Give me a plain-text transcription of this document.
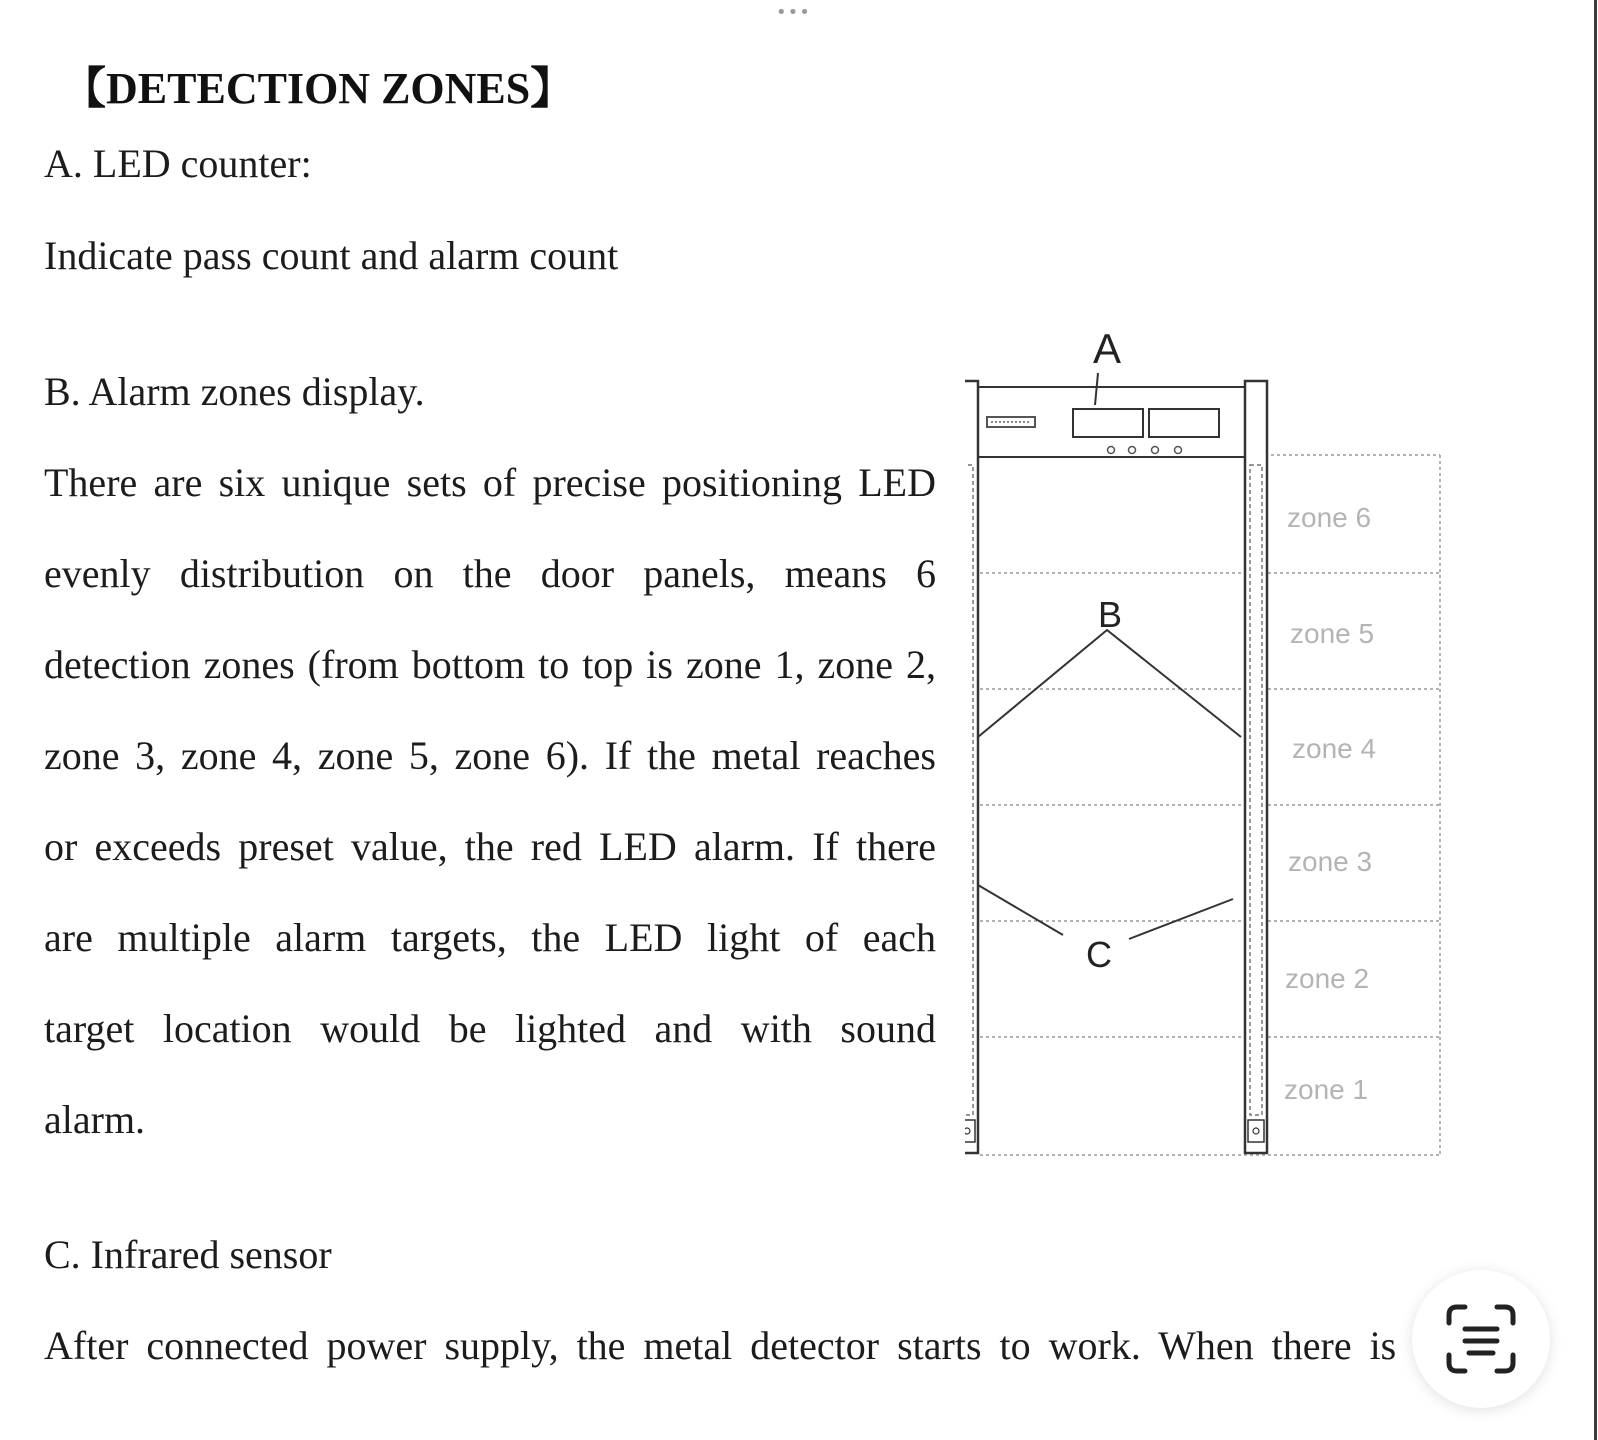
•••
【DETECTION ZONES】
A. LED counter:
Indicate pass count and alarm count
B. Alarm zones display.
There are six unique sets of precise positioning LED
evenly distribution on the door panels, means 6
detection zones (from bottom to top is zone 1, zone 2,
zone 3, zone 4, zone 5, zone 6). If the metal reaches
or exceeds preset value, the red LED alarm. If there
are multiple alarm targets, the LED light of each
target location would be lighted and with sound
alarm.
C. Infrared sensor
After connected power supply, the metal detector starts to work. When there is
A
B
C
zone 6
zone 5
zone 4
zone 3
zone 2
zone 1
